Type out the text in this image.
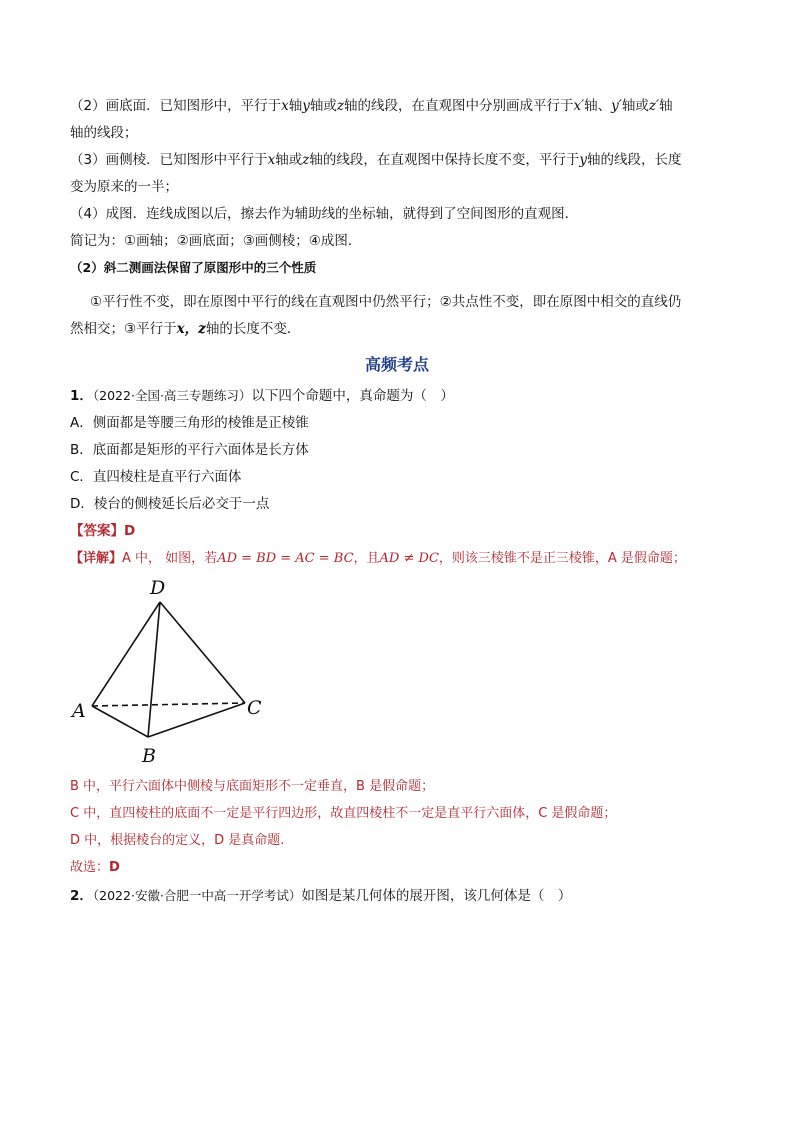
（2）画底面．已知图形中，平行于x轴y轴或z轴的线段，在直观图中分别画成平行于x′轴、y′轴或z′轴
轴的线段；
（3）画侧棱．已知图形中平行于x轴或z轴的线段，在直观图中保持长度不变，平行于y轴的线段，长度
变为原来的一半；
（4）成图．连线成图以后，擦去作为辅助线的坐标轴，就得到了空间图形的直观图．
简记为：①画轴；②画底面；③画侧棱；④成图．
（2）斜二测画法保留了原图形中的三个性质
①平行性不变，即在原图中平行的线在直观图中仍然平行；②共点性不变，即在原图中相交的直线仍
然相交；③平行于x，z轴的长度不变．
高频考点
1．（2022·全国·高三专题练习）以下四个命题中，真命题为（　）
A．侧面都是等腰三角形的棱锥是正棱锥
B．底面都是矩形的平行六面体是长方体
C．直四棱柱是直平行六面体
D．棱台的侧棱延长后必交于一点
【答案】D
【详解】A 中， 如图，若AD = BD = AC = BC，且AD ≠ DC，则该三棱锥不是正三棱锥，A 是假命题；
D
A
B
C
B 中，平行六面体中侧棱与底面矩形不一定垂直，B 是假命题；
C 中，直四棱柱的底面不一定是平行四边形，故直四棱柱不一定是直平行六面体，C 是假命题；
D 中，根据棱台的定义，D 是真命题.
故选：D
2．（2022·安徽·合肥一中高一开学考试）如图是某几何体的展开图，该几何体是（　）
